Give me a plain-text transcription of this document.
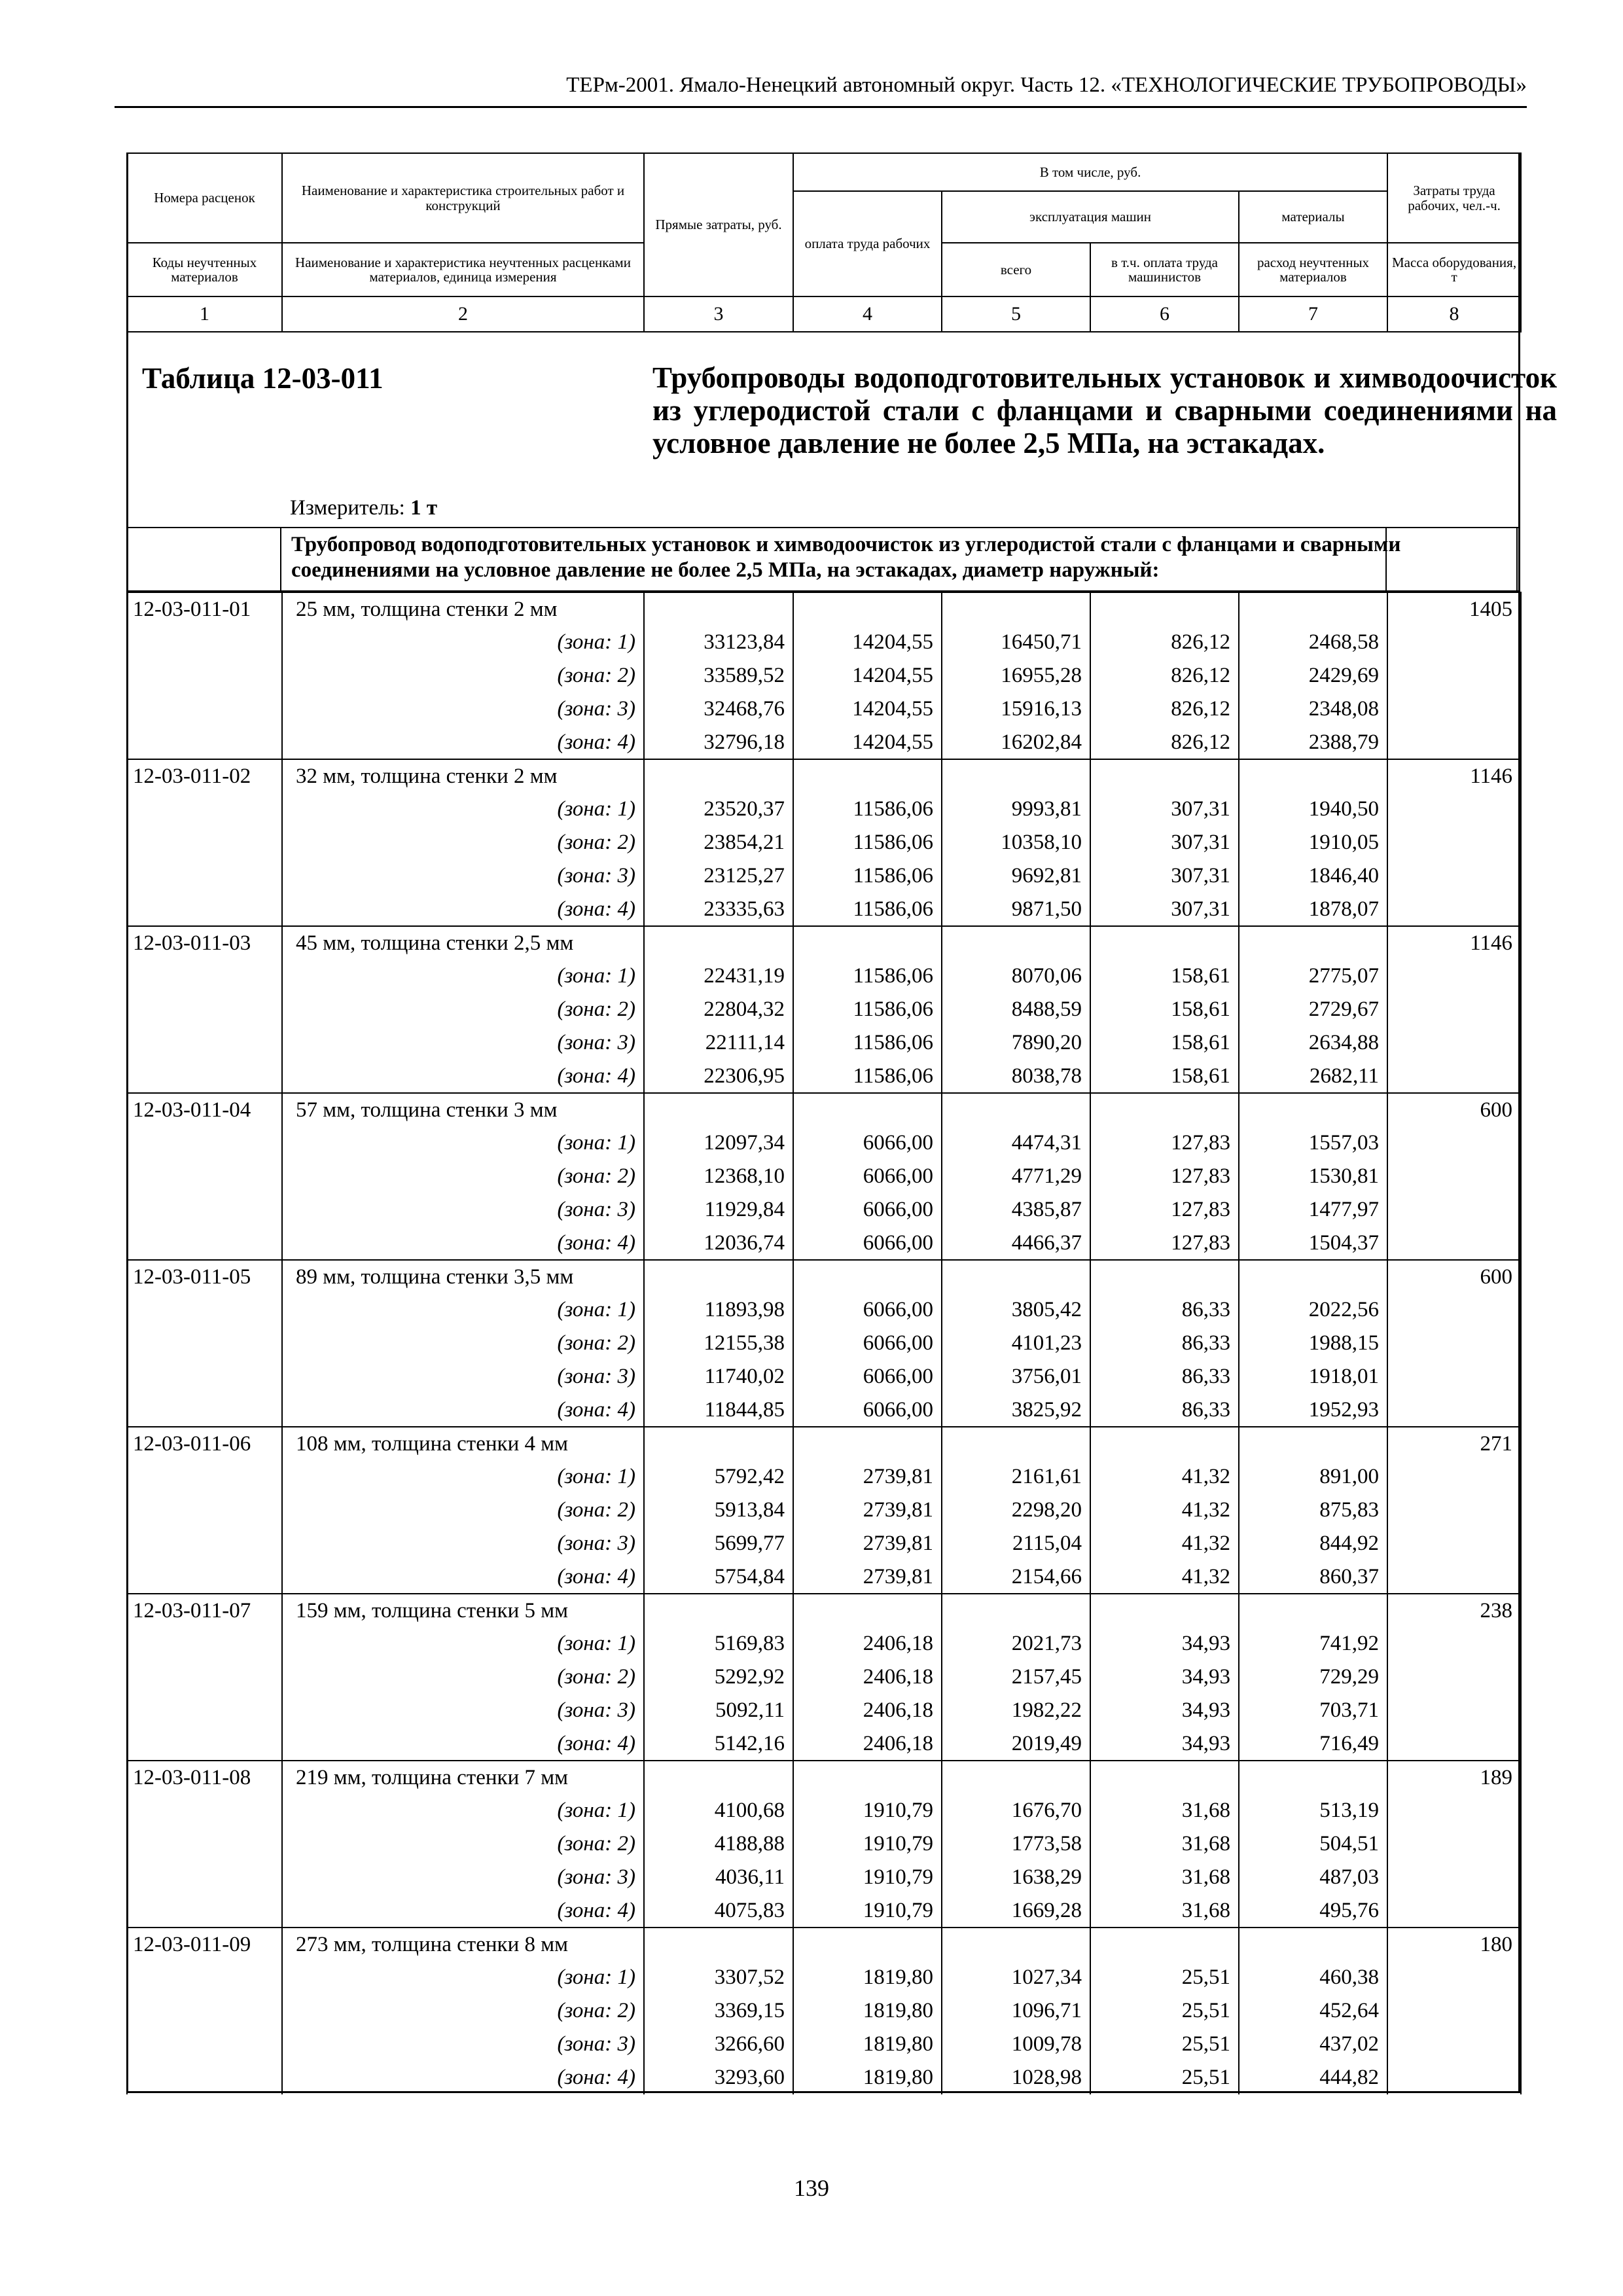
ТЕРм-2001. Ямало-Ненецкий автономный округ. Часть 12. «ТЕХНОЛОГИЧЕСКИЕ ТРУБОПРОВОДЫ»
Номера расценок	Наименование и характеристика строительных работ и конструкций	Прямые затраты, руб.	В том числе, руб.				Затраты труда рабочих, чел.-ч.
			оплата труда рабочих	эксплуатация машин		материалы	
Коды неучтенных материалов	Наименование и характеристика неучтенных расценками материалов, единица измерения			всего	в т.ч. оплата труда машинистов	расход неучтенных материалов	Масса оборудования, т
1	2	3	4	5	6	7	8
Таблица 12-03-011	Трубопроводы водоподготовительных установок и химводоочисток из углеродистой стали с фланцами и сварными соединениями на условное давление не более 2,5 МПа, на эстакадах.
Измеритель: 1 т
Трубопровод водоподготовительных установок и химводоочисток из углеродистой стали с фланцами и сварными соединениями на условное давление не более 2,5 МПа, на эстакадах, диаметр наружный:
12-03-011-01	25 мм, толщина стенки 2 мм						1405
	(зона: 1)	33123,84	14204,55	16450,71	826,12	2468,58	
	(зона: 2)	33589,52	14204,55	16955,28	826,12	2429,69	
	(зона: 3)	32468,76	14204,55	15916,13	826,12	2348,08	
	(зона: 4)	32796,18	14204,55	16202,84	826,12	2388,79	
12-03-011-02	32 мм, толщина стенки 2 мм						1146
	(зона: 1)	23520,37	11586,06	9993,81	307,31	1940,50	
	(зона: 2)	23854,21	11586,06	10358,10	307,31	1910,05	
	(зона: 3)	23125,27	11586,06	9692,81	307,31	1846,40	
	(зона: 4)	23335,63	11586,06	9871,50	307,31	1878,07	
12-03-011-03	45 мм, толщина стенки 2,5 мм						1146
	(зона: 1)	22431,19	11586,06	8070,06	158,61	2775,07	
	(зона: 2)	22804,32	11586,06	8488,59	158,61	2729,67	
	(зона: 3)	22111,14	11586,06	7890,20	158,61	2634,88	
	(зона: 4)	22306,95	11586,06	8038,78	158,61	2682,11	
12-03-011-04	57 мм, толщина стенки 3 мм						600
	(зона: 1)	12097,34	6066,00	4474,31	127,83	1557,03	
	(зона: 2)	12368,10	6066,00	4771,29	127,83	1530,81	
	(зона: 3)	11929,84	6066,00	4385,87	127,83	1477,97	
	(зона: 4)	12036,74	6066,00	4466,37	127,83	1504,37	
12-03-011-05	89 мм, толщина стенки 3,5 мм						600
	(зона: 1)	11893,98	6066,00	3805,42	86,33	2022,56	
	(зона: 2)	12155,38	6066,00	4101,23	86,33	1988,15	
	(зона: 3)	11740,02	6066,00	3756,01	86,33	1918,01	
	(зона: 4)	11844,85	6066,00	3825,92	86,33	1952,93	
12-03-011-06	108 мм, толщина стенки 4 мм						271
	(зона: 1)	5792,42	2739,81	2161,61	41,32	891,00	
	(зона: 2)	5913,84	2739,81	2298,20	41,32	875,83	
	(зона: 3)	5699,77	2739,81	2115,04	41,32	844,92	
	(зона: 4)	5754,84	2739,81	2154,66	41,32	860,37	
12-03-011-07	159 мм, толщина стенки 5 мм						238
	(зона: 1)	5169,83	2406,18	2021,73	34,93	741,92	
	(зона: 2)	5292,92	2406,18	2157,45	34,93	729,29	
	(зона: 3)	5092,11	2406,18	1982,22	34,93	703,71	
	(зона: 4)	5142,16	2406,18	2019,49	34,93	716,49	
12-03-011-08	219 мм, толщина стенки 7 мм						189
	(зона: 1)	4100,68	1910,79	1676,70	31,68	513,19	
	(зона: 2)	4188,88	1910,79	1773,58	31,68	504,51	
	(зона: 3)	4036,11	1910,79	1638,29	31,68	487,03	
	(зона: 4)	4075,83	1910,79	1669,28	31,68	495,76	
12-03-011-09	273 мм, толщина стенки 8 мм						180
	(зона: 1)	3307,52	1819,80	1027,34	25,51	460,38	
	(зона: 2)	3369,15	1819,80	1096,71	25,51	452,64	
	(зона: 3)	3266,60	1819,80	1009,78	25,51	437,02	
	(зона: 4)	3293,60	1819,80	1028,98	25,51	444,82	
139
